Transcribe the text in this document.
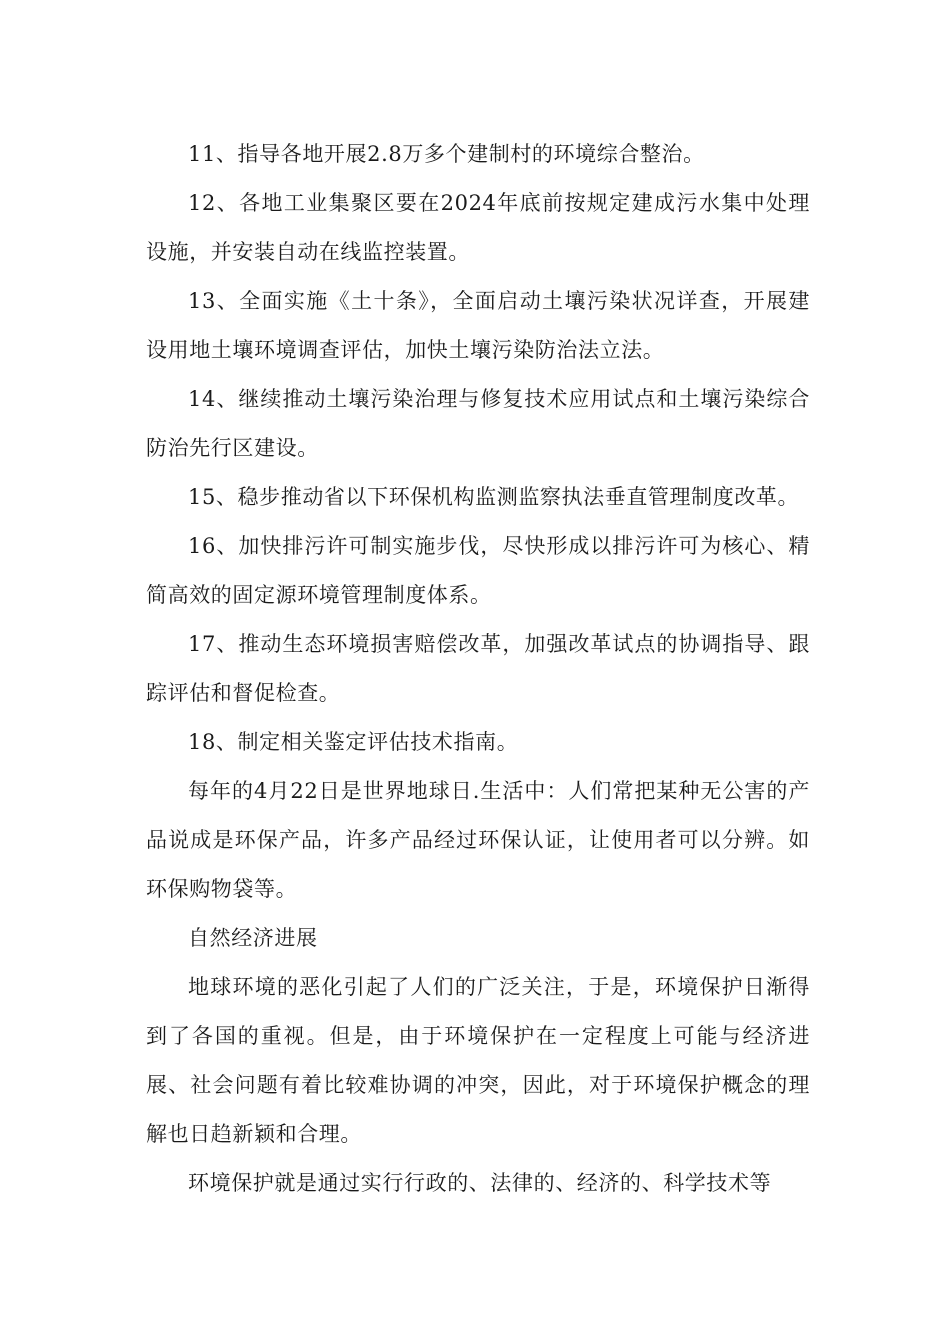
11、指导各地开展2.8万多个建制村的环境综合整治。

12、各地工业集聚区要在2024年底前按规定建成污水集中处理设施，并安装自动在线监控装置。

13、全面实施《土十条》，全面启动土壤污染状况详查，开展建设用地土壤环境调查评估，加快土壤污染防治法立法。

14、继续推动土壤污染治理与修复技术应用试点和土壤污染综合防治先行区建设。

15、稳步推动省以下环保机构监测监察执法垂直管理制度改革。

16、加快排污许可制实施步伐，尽快形成以排污许可为核心、精简高效的固定源环境管理制度体系。

17、推动生态环境损害赔偿改革，加强改革试点的协调指导、跟踪评估和督促检查。

18、制定相关鉴定评估技术指南。

每年的4月22日是世界地球日.生活中：人们常把某种无公害的产品说成是环保产品，许多产品经过环保认证，让使用者可以分辨。如环保购物袋等。

自然经济进展

地球环境的恶化引起了人们的广泛关注，于是，环境保护日渐得到了各国的重视。但是，由于环境保护在一定程度上可能与经济进展、社会问题有着比较难协调的冲突，因此，对于环境保护概念的理解也日趋新颖和合理。

环境保护就是通过实行行政的、法律的、经济的、科学技术等
